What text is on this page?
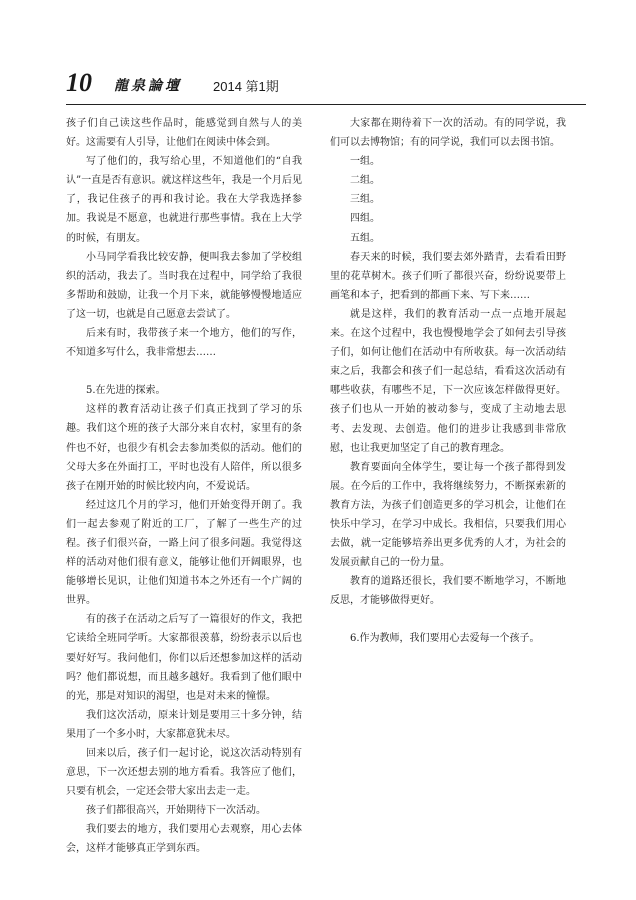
10 龍泉論壇 2014 第1期

孩子们自己读这些作品时，能感觉到自然与人的美好。这需要有人引导，让他们在阅读中体会到。

写了他们的，我写给心里，不知道他们的“自我认”一直是否有意识。就这样这些年，我是一个月后见了，我记住孩子的再和我讨论。我在大学我选择参加。我说是不愿意，也就进行那些事情。我在上大学的时候，有朋友。

小马同学看我比较安静，便叫我去参加了学校组织的活动，我去了。当时我在过程中，同学给了我很多帮助和鼓励，让我一个月下来，就能够慢慢地适应了这一切，也就是自己愿意去尝试了。

后来有时，我带孩子来一个地方，他们的写作，不知道多写什么，我非常想去……

5.在先进的探索。

这样的教育活动让孩子们真正找到了学习的乐趣。我们这个班的孩子大部分来自农村，家里有的条件也不好，也很少有机会去参加类似的活动。他们的父母大多在外面打工，平时也没有人陪伴，所以很多孩子在刚开始的时候比较内向，不爱说话。

经过这几个月的学习，他们开始变得开朗了。我们一起去参观了附近的工厂，了解了一些生产的过程。孩子们很兴奋，一路上问了很多问题。我觉得这样的活动对他们很有意义，能够让他们开阔眼界，也能够增长见识，让他们知道书本之外还有一个广阔的世界。

有的孩子在活动之后写了一篇很好的作文，我把它读给全班同学听。大家都很羡慕，纷纷表示以后也要好好写。我问他们，你们以后还想参加这样的活动吗？他们都说想，而且越多越好。我看到了他们眼中的光，那是对知识的渴望，也是对未来的憧憬。

我们这次活动，原来计划是要用三十多分钟，结果用了一个多小时，大家都意犹未尽。

回来以后，孩子们一起讨论，说这次活动特别有意思，下一次还想去别的地方看看。我答应了他们，只要有机会，一定还会带大家出去走一走。

孩子们都很高兴，开始期待下一次活动。

我们要去的地方，我们要用心去观察，用心去体会，这样才能够真正学到东西。

大家都在期待着下一次的活动。有的同学说，我们可以去博物馆；有的同学说，我们可以去图书馆。

一组。

二组。

三组。

四组。

五组。

春天来的时候，我们要去郊外踏青，去看看田野里的花草树木。孩子们听了都很兴奋，纷纷说要带上画笔和本子，把看到的都画下来、写下来……

就是这样，我们的教育活动一点一点地开展起来。在这个过程中，我也慢慢地学会了如何去引导孩子们，如何让他们在活动中有所收获。每一次活动结束之后，我都会和孩子们一起总结，看看这次活动有哪些收获，有哪些不足，下一次应该怎样做得更好。孩子们也从一开始的被动参与，变成了主动地去思考、去发现、去创造。他们的进步让我感到非常欣慰，也让我更加坚定了自己的教育理念。

教育要面向全体学生，要让每一个孩子都得到发展。在今后的工作中，我将继续努力，不断探索新的教育方法，为孩子们创造更多的学习机会，让他们在快乐中学习，在学习中成长。我相信，只要我们用心去做，就一定能够培养出更多优秀的人才，为社会的发展贡献自己的一份力量。

教育的道路还很长，我们要不断地学习，不断地反思，才能够做得更好。

6.作为教师，我们要用心去爱每一个孩子。
